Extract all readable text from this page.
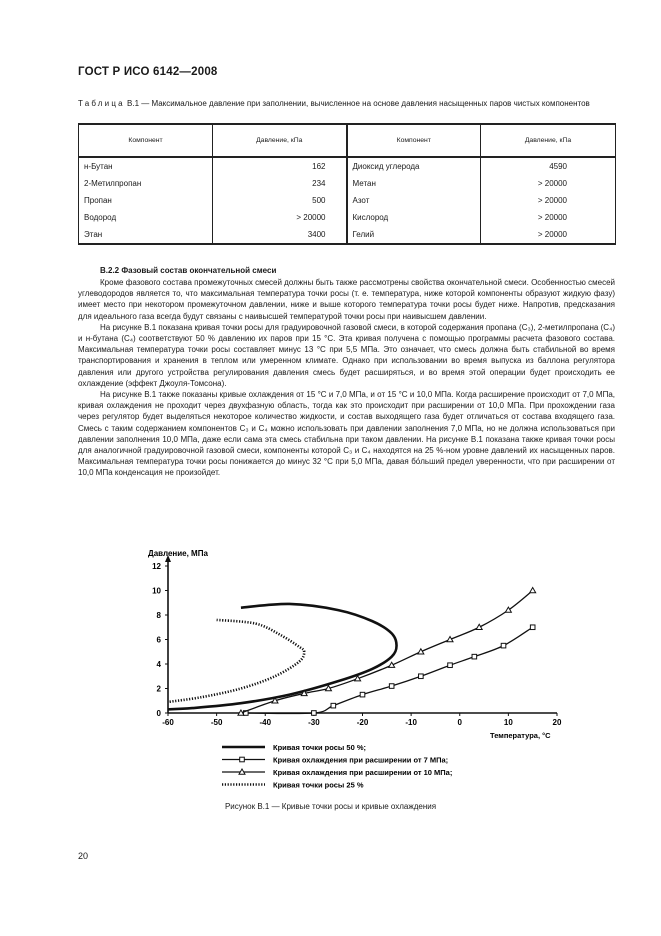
ГОСТ Р ИСО 6142—2008
Таблица B.1 — Максимальное давление при заполнении, вычисленное на основе давления насыщенных паров чистых компонентов
Компонент	Давление, кПа	Компонент	Давление, кПа
н-Бутан	162	Диоксид углерода	4590
2-Метилпропан	234	Метан	> 20000
Пропан	500	Азот	> 20000
Водород	> 20000	Кислород	> 20000
Этан	3400	Гелий	> 20000
B.2.2 Фазовый состав окончательной смеси

Кроме фазового состава промежуточных смесей должны быть также рассмотрены свойства окончательной смеси. Особенностью смесей углеводородов является то, что максимальная температура точки росы (т. е. температура, ниже которой компоненты образуют жидкую фазу) имеет место при некотором промежуточном давлении, ниже и выше которого температура точки росы будет ниже. Напротив, предсказания для идеального газа всегда будут связаны с наивысшей температурой точки росы при наивысшем давлении.

На рисунке B.1 показана кривая точки росы для градуировочной газовой смеси, в которой содержания пропана (C₃), 2-метилпропана (C₄) и н-бутана (C₄) соответствуют 50 % давлению их паров при 15 °C. Эта кривая получена с помощью программы расчета фазового состава. Максимальная температура точки росы составляет минус 13 °C при 5,5 МПа. Это означает, что смесь должна быть стабильной во время транспортирования и хранения в теплом или умеренном климате. Однако при использовании во время выпуска из баллона регулятора давления или другого устройства регулирования давления смесь будет расширяться, и во время этой операции будет происходить ее охлаждение (эффект Джоуля-Томсона).

На рисунке B.1 также показаны кривые охлаждения от 15 °C и 7,0 МПа, и от 15 °C и 10,0 МПа. Когда расширение происходит от 7,0 МПа, кривая охлаждения не проходит через двухфазную область, тогда как это происходит при расширении от 10,0 МПа. При прохождении газа через регулятор будет выделяться некоторое количество жидкости, и состав выходящего газа будет отличаться от состава входящего газа. Смесь с таким содержанием компонентов C₃ и C₄ можно использовать при давлении заполнения 7,0 МПа, но не должна использоваться при давлении заполнения 10,0 МПа, даже если сама эта смесь стабильна при таком давлении. На рисунке B.1 показана также кривая точки росы для аналогичной градуировочной газовой смеси, компоненты которой C₃ и C₄ находятся на 25 %-ном уровне давлений их насыщенных паров. Максимальная температура точки росы понижается до минус 32 °C при 5,0 МПа, давая бо́льший предел уверенности, что при расширении от 10,0 МПа конденсация не произойдет.

-60	-50	-40	-30	-20	-10	0	10	20
0
2
4
6
8
10
12
Давление, МПа
Температура, °C
Кривая точки росы 50 %;
Кривая охлаждения при расширении от 7 МПа;
Кривая охлаждения при расширении от 10 МПа;
Кривая точки росы 25 %
Рисунок B.1 — Кривые точки росы и кривые охлаждения
20
